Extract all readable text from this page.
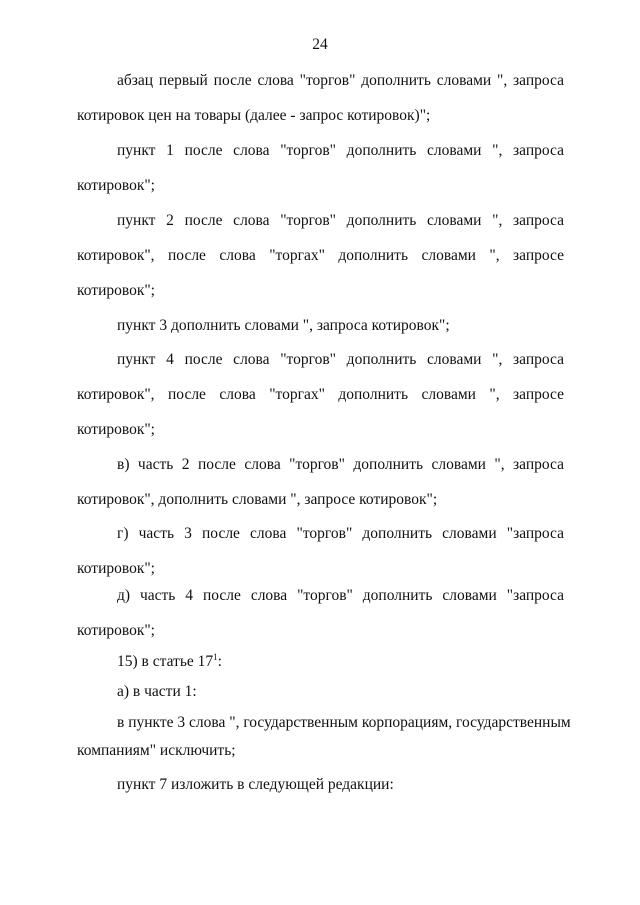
24
абзац первый после слова "торгов" дополнить словами ", запроса
котировок цен на товары (далее - запрос котировок)";
пункт 1 после слова "торгов" дополнить словами ", запроса
котировок";
пункт 2 после слова "торгов" дополнить словами ", запроса
котировок", после слова "торгах" дополнить словами ", запросе
котировок";
пункт 3 дополнить словами ", запроса котировок";
пункт 4 после слова "торгов" дополнить словами ", запроса
котировок", после слова "торгах" дополнить словами ", запросе
котировок";
в) часть 2 после слова "торгов" дополнить словами ", запроса
котировок", дополнить словами ", запросе котировок";
г) часть 3 после слова "торгов" дополнить словами "запроса
котировок";
д) часть 4 после слова "торгов" дополнить словами "запроса
котировок";
15) в статье $17^1$:
а) в части 1:
в пункте 3 слова ", государственным корпорациям, государственным
компаниям" исключить;
пункт 7 изложить в следующей редакции:
